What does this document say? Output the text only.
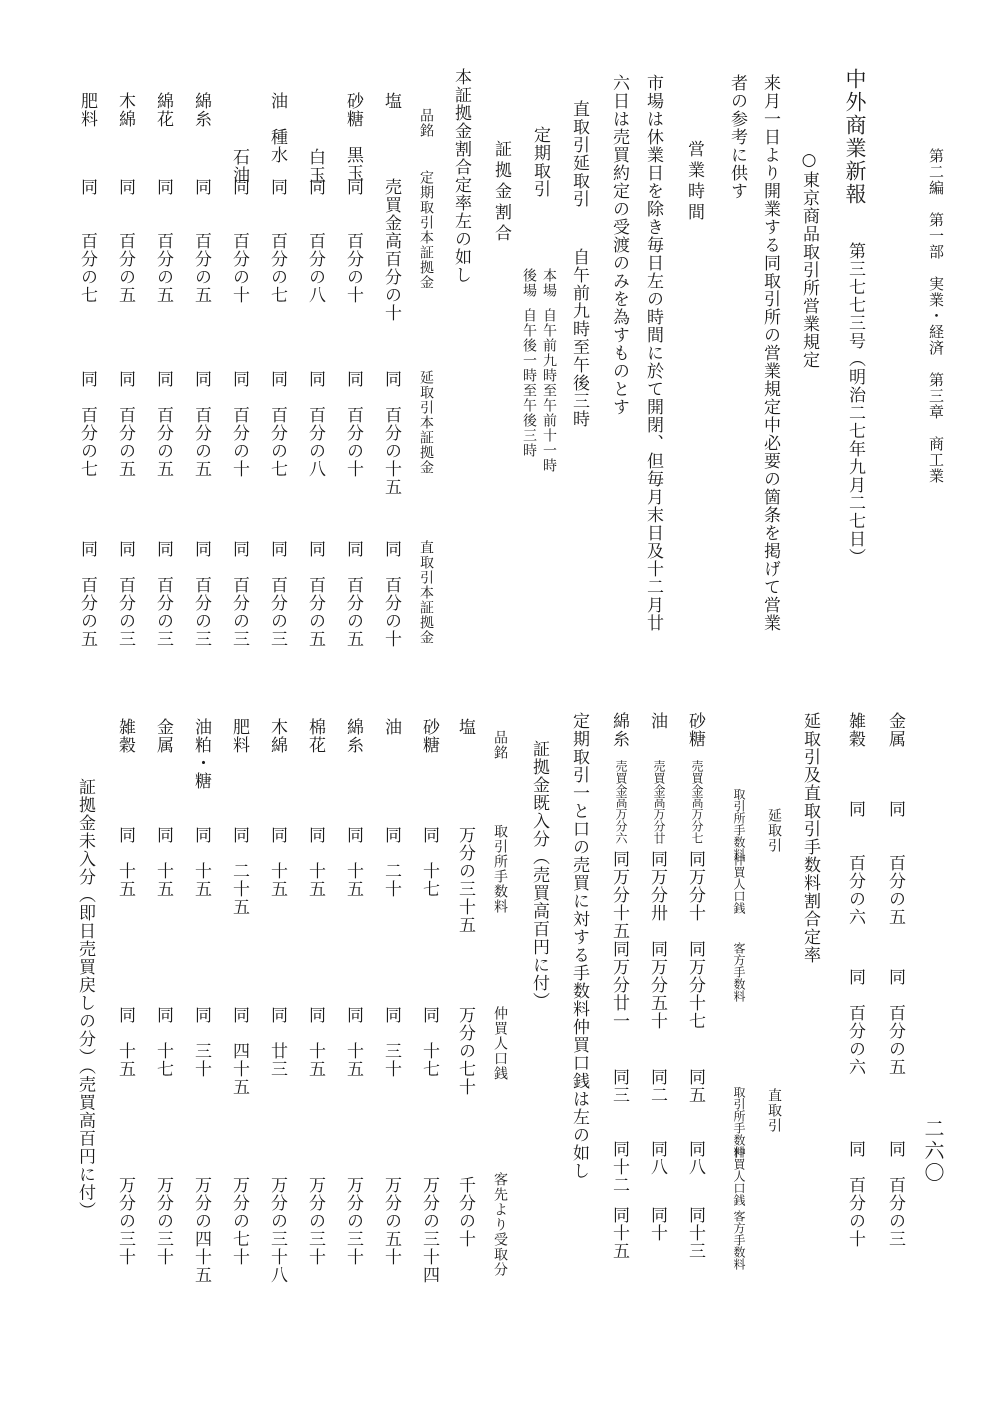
第二編　第一部　実業・経済　第三章　商工業
二六〇
中外商業新報
第三七七三号（明治二七年九月二七日）
○東京商品取引所営業規定
来月一日より開業する同取引所の営業規定中必要の箇条を掲げて営業
者の参考に供す
営業時間
市場は休業日を除き毎日左の時間に於て開閉、但毎月末日及十二月廿
六日は売買約定の受渡のみを為すものとす
直取引延取引
自午前九時至午後三時
定期取引
本場
自午前九時至午前十一時
後場
自午後一時至午後三時
証拠金割合
本証拠金割合定率左の如し
品銘
定期取引本証拠金
延取引本証拠金
直取引本証拠金
塩
売買金高百分の十
同　百分の十五
同　百分の十
砂糖　黒玉
同　　百分の十
同　百分の十
同　百分の五
白玉
同　　百分の八
同　百分の八
同　百分の五
油　種水
同　　百分の七
同　百分の七
同　百分の三
石油
同　　百分の十
同　百分の十
同　百分の三
綿糸
同　　百分の五
同　百分の五
同　百分の三
綿花
同　　百分の五
同　百分の五
同　百分の三
木綿
同　　百分の五
同　百分の五
同　百分の三
肥料
同　　百分の七
同　百分の七
同　百分の五
金属
同　　百分の五
同　百分の五
同　百分の三
雑穀
同　　百分の六
同　百分の六
同　百分の十
延取引及直取引手数料割合定率
延取引
直取引
取引所手数料
仲買人口銭
客方手数料
取引所手数料
仲買人口銭
客方手数料
砂糖
売買金高万分七
同万分十
同万分十七
同五
同八
同十三
油
売買金高万分廿
同万分卅
同万分五十
同二
同八
同十
綿糸
売買金高万分六
同万分十五
同万分廿一
同三
同十二
同十五
定期取引一と口の売買に対する手数料仲買口銭は左の如し
証拠金既入分（売買高百円に付）
品銘
取引所手数料
仲買人口銭
客先より受取分
塩
万分の三十五
万分の七十
千分の十
砂糖
同　十七
同　十七
万分の三十四
油
同　二十
同　三十
万分の五十
綿糸
同　十五
同　十五
万分の三十
棉花
同　十五
同　十五
万分の三十
木綿
同　十五
同　廿三
万分の三十八
肥料
同　二十五
同　四十五
万分の七十
油粕・糖
同　十五
同　三十
万分の四十五
金属
同　十五
同　十七
万分の三十
雑穀
同　十五
同　十五
万分の三十
証拠金未入分（即日売買戻しの分）（売買高百円に付）
